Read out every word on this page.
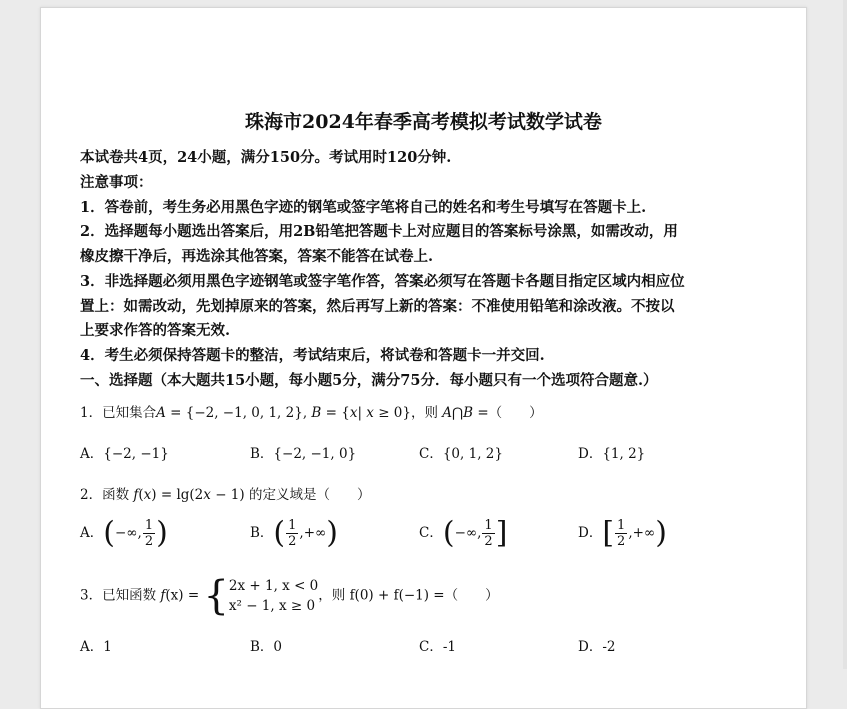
珠海市2024年春季高考模拟考试数学试卷
本试卷共4页，24小题，满分150分。考试用时120分钟.
注意事项：
1．答卷前，考生务必用黑色字迹的钢笔或签字笔将自己的姓名和考生号填写在答题卡上.
2．选择题每小题选出答案后，用2B铅笔把答题卡上对应题目的答案标号涂黑，如需改动，用
橡皮擦干净后，再选涂其他答案，答案不能答在试卷上.
3．非选择题必须用黑色字迹钢笔或签字笔作答，答案必须写在答题卡各题目指定区域内相应位
置上：如需改动，先划掉原来的答案，然后再写上新的答案：不准使用铅笔和涂改液。不按以
上要求作答的答案无效.
4．考生必须保持答题卡的整洁，考试结束后，将试卷和答题卡一并交回.
一、选择题（本大题共15小题，每小题5分，满分75分．每小题只有一个选项符合题意.）
1．已知集合A = {−2, −1, 0, 1, 2}, B = {x| x ≥ 0}，则 A⋂B =（　　）
A．{−2, −1}	B．{−2, −1, 0}	C．{0, 1, 2}	D．{1, 2}
2．函数 f(x) = lg(2x − 1) 的定义域是（　　）
A．(−∞, $\frac{1}{2}$ )	B．( $\frac{1}{2}$ ,+∞)	C．(−∞, $\frac{1}{2}$ ]	D．[ $\frac{1}{2}$ ,+∞)
3．已知函数 f(x) = { 2x + 1, x < 0
x² − 1, x ≥ 0
，则 f(0) + f(−1) =（　　）
A．1	B．0	C．-1	D．-2
